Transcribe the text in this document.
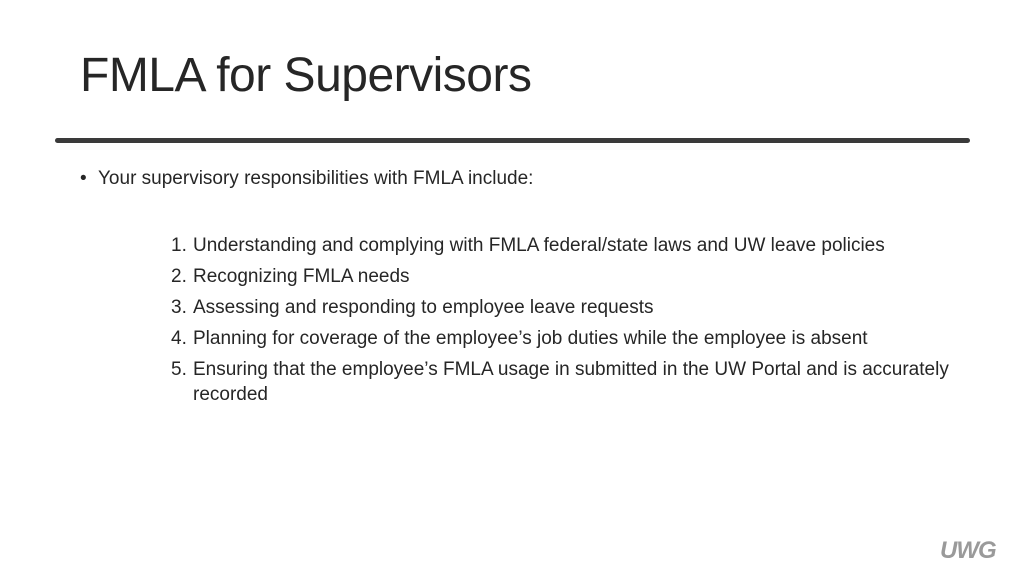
FMLA for Supervisors
• Your supervisory responsibilities with FMLA include:
1. Understanding and complying with FMLA federal/state laws and UW leave policies
2. Recognizing FMLA needs
3. Assessing and responding to employee leave requests
4. Planning for coverage of the employee’s job duties while the employee is absent
5. Ensuring that the employee’s FMLA usage in submitted in the UW Portal and is accurately recorded
UWG
